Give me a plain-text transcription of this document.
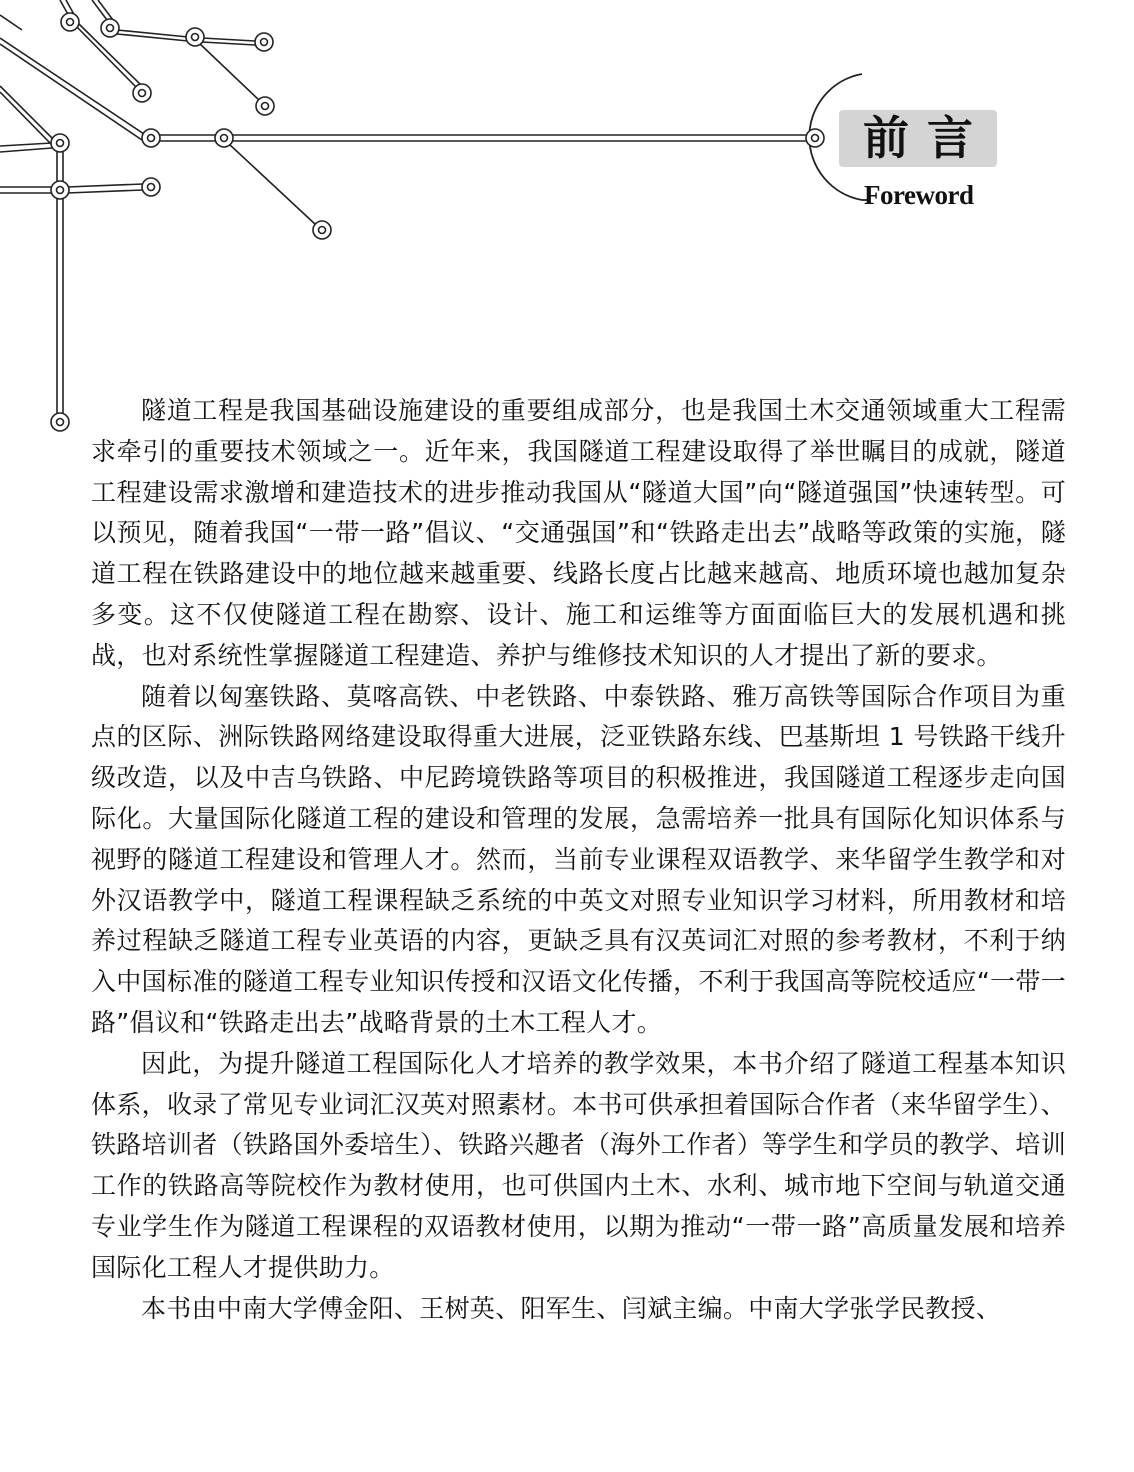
前言
Foreword

隧道工程是我国基础设施建设的重要组成部分，也是我国土木交通领域重大工程需求牵引的重要技术领域之一。近年来，我国隧道工程建设取得了举世瞩目的成就，隧道工程建设需求激增和建造技术的进步推动我国从“隧道大国”向“隧道强国”快速转型。可以预见，随着我国“一带一路”倡议、“交通强国”和“铁路走出去”战略等政策的实施，隧道工程在铁路建设中的地位越来越重要、线路长度占比越来越高、地质环境也越加复杂多变。这不仅使隧道工程在勘察、设计、施工和运维等方面面临巨大的发展机遇和挑战，也对系统性掌握隧道工程建造、养护与维修技术知识的人才提出了新的要求。

随着以匈塞铁路、莫喀高铁、中老铁路、中泰铁路、雅万高铁等国际合作项目为重点的区际、洲际铁路网络建设取得重大进展，泛亚铁路东线、巴基斯坦 1 号铁路干线升级改造，以及中吉乌铁路、中尼跨境铁路等项目的积极推进，我国隧道工程逐步走向国际化。大量国际化隧道工程的建设和管理的发展，急需培养一批具有国际化知识体系与视野的隧道工程建设和管理人才。然而，当前专业课程双语教学、来华留学生教学和对外汉语教学中，隧道工程课程缺乏系统的中英文对照专业知识学习材料，所用教材和培养过程缺乏隧道工程专业英语的内容，更缺乏具有汉英词汇对照的参考教材，不利于纳入中国标准的隧道工程专业知识传授和汉语文化传播，不利于我国高等院校适应“一带一路”倡议和“铁路走出去”战略背景的土木工程人才。

因此，为提升隧道工程国际化人才培养的教学效果，本书介绍了隧道工程基本知识体系，收录了常见专业词汇汉英对照素材。本书可供承担着国际合作者（来华留学生）、铁路培训者（铁路国外委培生）、铁路兴趣者（海外工作者）等学生和学员的教学、培训工作的铁路高等院校作为教材使用，也可供国内土木、水利、城市地下空间与轨道交通专业学生作为隧道工程课程的双语教材使用，以期为推动“一带一路”高质量发展和培养国际化工程人才提供助力。

本书由中南大学傅金阳、王树英、阳军生、闫斌主编。中南大学张学民教授、
